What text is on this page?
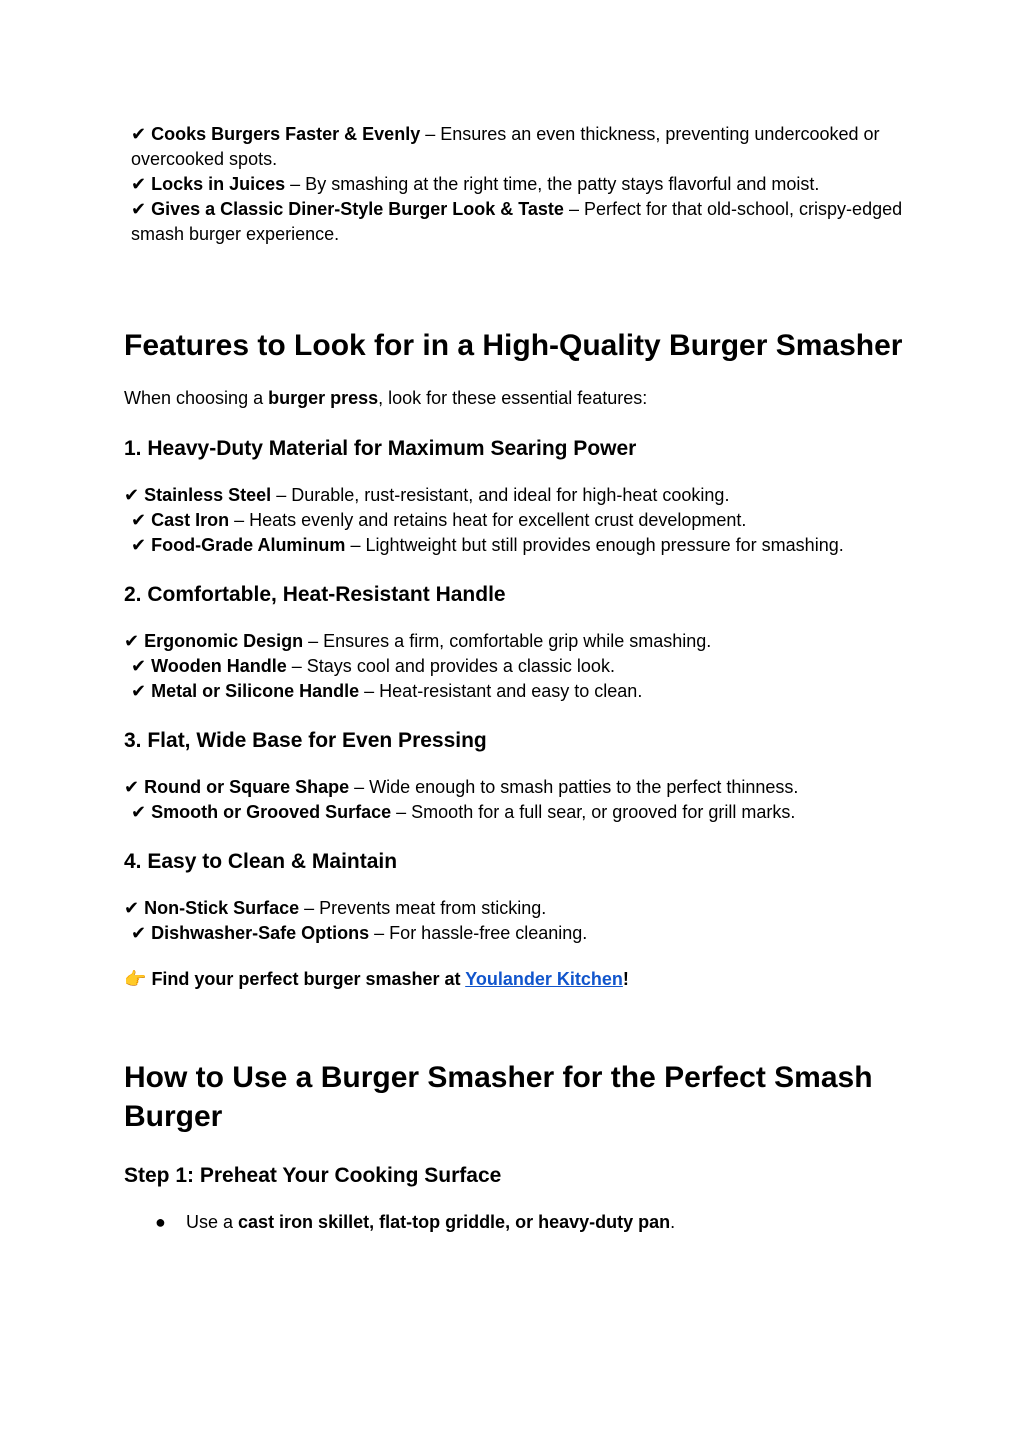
✔ Cooks Burgers Faster & Evenly – Ensures an even thickness, preventing undercooked or overcooked spots.

✔ Locks in Juices – By smashing at the right time, the patty stays flavorful and moist.

✔ Gives a Classic Diner-Style Burger Look & Taste – Perfect for that old-school, crispy-edged smash burger experience.

Features to Look for in a High-Quality Burger Smasher

When choosing a burger press, look for these essential features:

1. Heavy-Duty Material for Maximum Searing Power

✔ Stainless Steel – Durable, rust-resistant, and ideal for high-heat cooking.

✔ Cast Iron – Heats evenly and retains heat for excellent crust development.

✔ Food-Grade Aluminum – Lightweight but still provides enough pressure for smashing.

2. Comfortable, Heat-Resistant Handle

✔ Ergonomic Design – Ensures a firm, comfortable grip while smashing.

✔ Wooden Handle – Stays cool and provides a classic look.

✔ Metal or Silicone Handle – Heat-resistant and easy to clean.

3. Flat, Wide Base for Even Pressing

✔ Round or Square Shape – Wide enough to smash patties to the perfect thinness.

✔ Smooth or Grooved Surface – Smooth for a full sear, or grooved for grill marks.

4. Easy to Clean & Maintain

✔ Non-Stick Surface – Prevents meat from sticking.

✔ Dishwasher-Safe Options – For hassle-free cleaning.

👉 Find your perfect burger smasher at Youlander Kitchen!

How to Use a Burger Smasher for the Perfect Smash Burger
Step 1: Preheat Your Cooking Surface
● Use a cast iron skillet, flat-top griddle, or heavy-duty pan.
